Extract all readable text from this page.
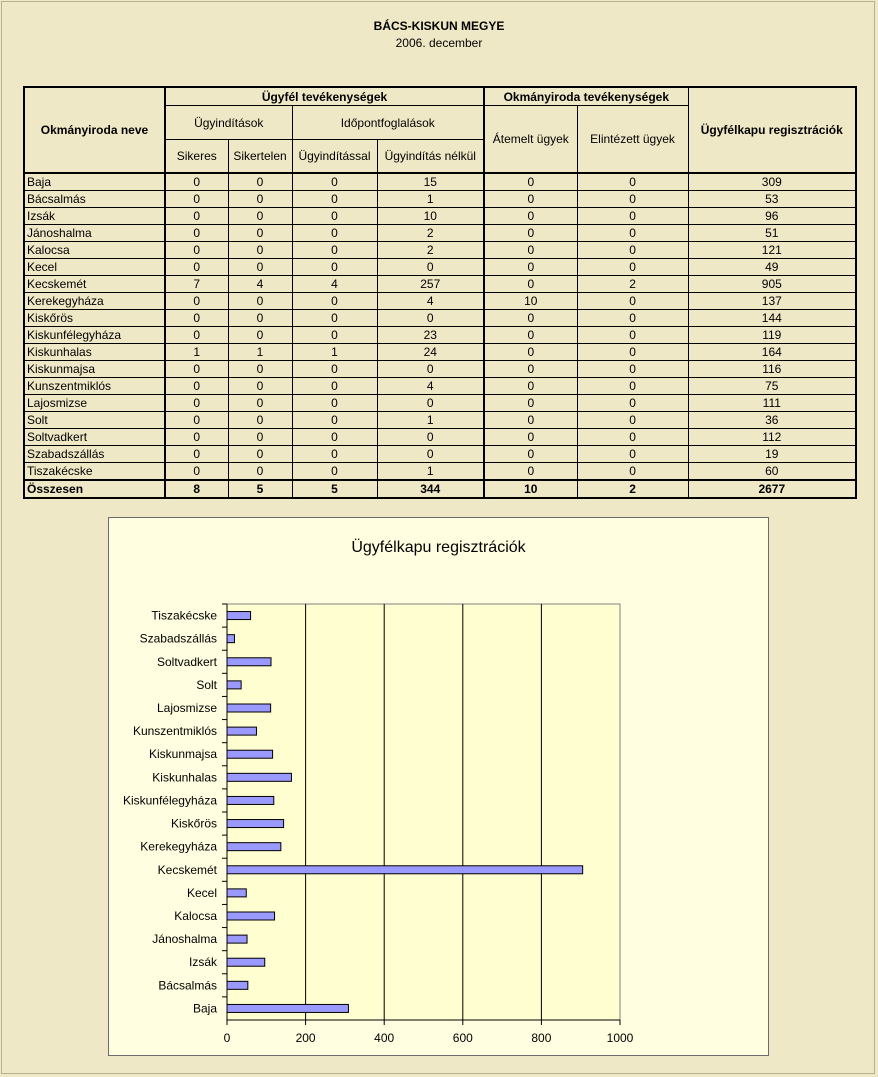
BÁCS-KISKUN MEGYE
2006. december
Okmányiroda neve	Ügyfél tevékenységek				Okmányiroda tevékenységek		Ügyfélkapu regisztrációk
	Ügyindítások		Időpontfoglalások		Átemelt ügyek	Elintézett ügyek	
	Sikeres	Sikertelen	Ügyindítással	Ügyindítás nélkül			
Baja	0	0	0	15	0	0	309
Bácsalmás	0	0	0	1	0	0	53
Izsák	0	0	0	10	0	0	96
Jánoshalma	0	0	0	2	0	0	51
Kalocsa	0	0	0	2	0	0	121
Kecel	0	0	0	0	0	0	49
Kecskemét	7	4	4	257	0	2	905
Kerekegyháza	0	0	0	4	10	0	137
Kiskőrös	0	0	0	0	0	0	144
Kiskunfélegyháza	0	0	0	23	0	0	119
Kiskunhalas	1	1	1	24	0	0	164
Kiskunmajsa	0	0	0	0	0	0	116
Kunszentmiklós	0	0	0	4	0	0	75
Lajosmizse	0	0	0	0	0	0	111
Solt	0	0	0	1	0	0	36
Soltvadkert	0	0	0	0	0	0	112
Szabadszállás	0	0	0	0	0	0	19
Tiszakécske	0	0	0	1	0	0	60
Összesen	8	5	5	344	10	2	2677
Ügyfélkapu regisztrációk
0	200	400	600	800	1000
Baja
Bácsalmás
Izsák
Jánoshalma
Kalocsa
Kecel
Kecskemét
Kerekegyháza
Kiskőrös
Kiskunfélegyháza
Kiskunhalas
Kiskunmajsa
Kunszentmiklós
Lajosmizse
Solt
Soltvadkert
Szabadszállás
Tiszakécske
